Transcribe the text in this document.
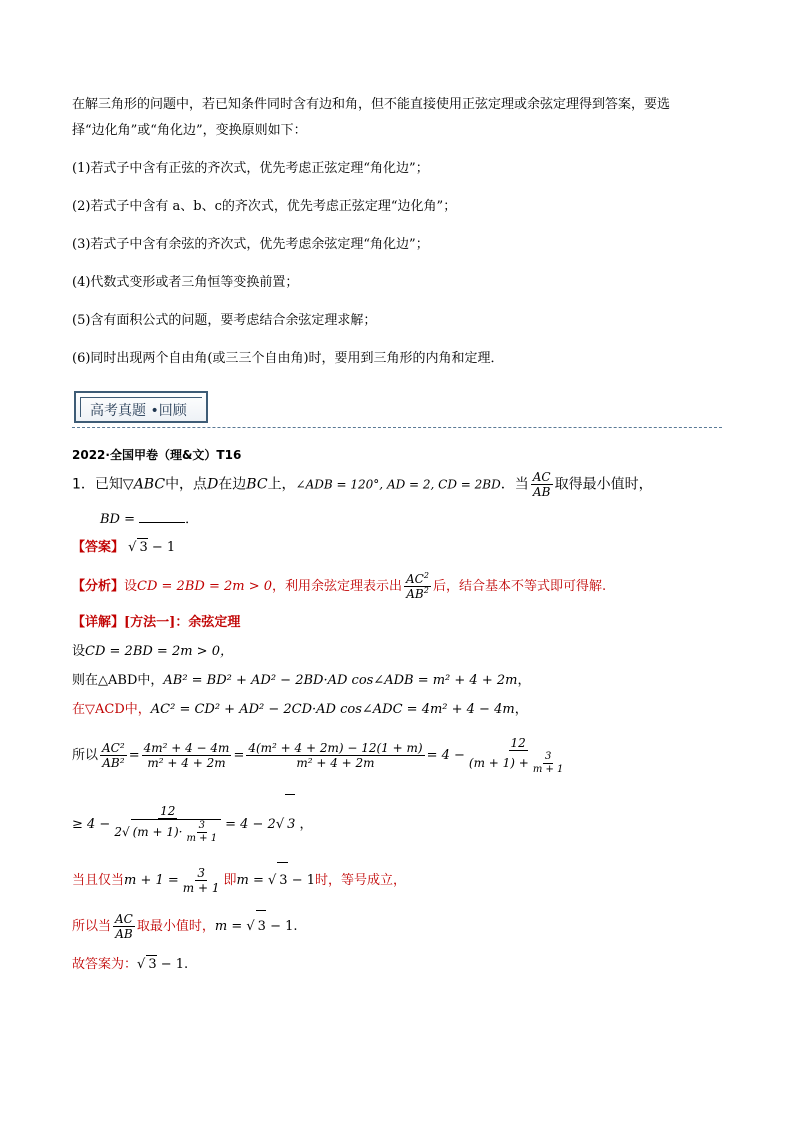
在解三角形的问题中，若已知条件同时含有边和角，但不能直接使用正弦定理或余弦定理得到答案，要选
择“边化角”或“角化边”，变换原则如下：
(1)若式子中含有正弦的齐次式，优先考虑正弦定理“角化边”；
(2)若式子中含有 a、b、c的齐次式，优先考虑正弦定理“边化角”；
(3)若式子中含有余弦的齐次式，优先考虑余弦定理“角化边”；
(4)代数式变形或者三角恒等变换前置；
(5)含有面积公式的问题，要考虑结合余弦定理求解；
(6)同时出现两个自由角(或三三个自由角)时，要用到三角形的内角和定理．
高考真题 •回顾
2022·全国甲卷（理&文）T16
1．已知▽ABC中，点D在边BC上，∠ADB = 120°, AD = 2, CD = 2BD．当 $\frac{AC}{AB}$ 取得最小值时，
BD =	．
【答案】 √ 3 − 1
【分析】设CD = 2BD = 2m > 0，利用余弦定理表示出 $\frac{AC^2}{AB^2}$ 后，结合基本不等式即可得解.
【详解】[方法一]：余弦定理
设CD = 2BD = 2m > 0，
则在△ABD中，AB² = BD² + AD² − 2BD·AD cos∠ADB = m² + 4 + 2m，
在▽ACD中，AC² = CD² + AD² − 2CD·AD cos∠ADC = 4m² + 4 − 4m，
所以 $\frac{\text{AC²}}{\text{AB²}} = \frac{\text{4m² + 4 − 4m}}{\text{m² + 4 + 2m}} = \frac{\text{4(m² + 4 + 2m) − 12(1 + m)}}{\text{m² + 4 + 2m}} = 4 - \frac{12}{(m + 1) + \frac{3}{m + 1}}$
≥ $4 - \frac{12}{2√ (m + 1)\cdot \frac{3}{m + 1}} = 4 - 2√$ 3 ，
当且仅当$m + 1 = \frac{3}{m + 1}$ 即m = √ 3 − 1时，等号成立，
所以当 $\frac{AC}{AB}$ 取最小值时，m = √ 3 − 1.
故答案为：√ 3 − 1.
